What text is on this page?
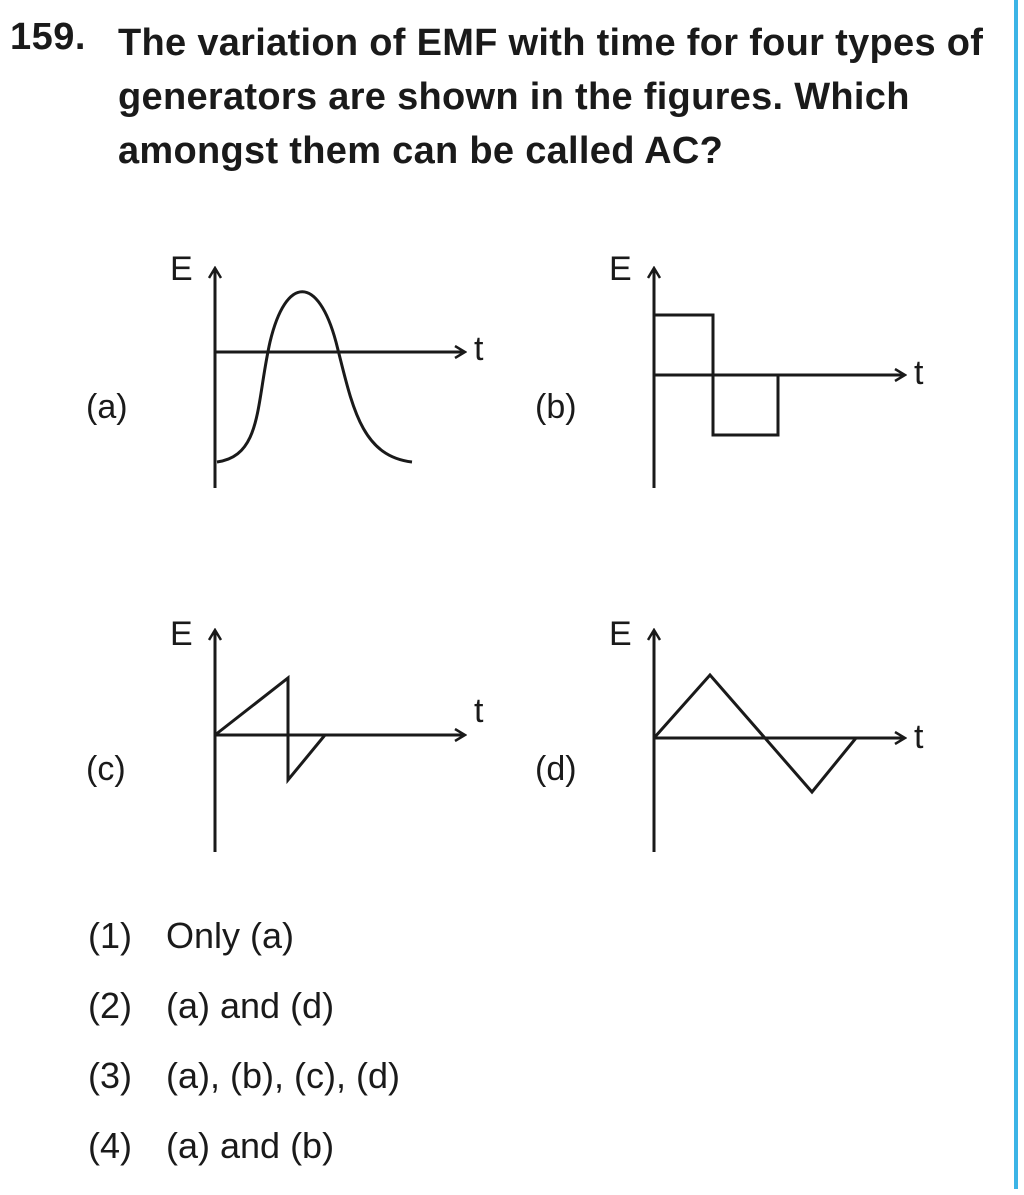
159. The variation of EMF with time for four types of generators are shown in the figures. Which amongst them can be called AC?
E
t
(a)
E
t
(b)
E
t
(c)
E
t
(d)
(1) Only (a)
(2) (a) and (d)
(3) (a), (b), (c), (d)
(4) (a) and (b)
